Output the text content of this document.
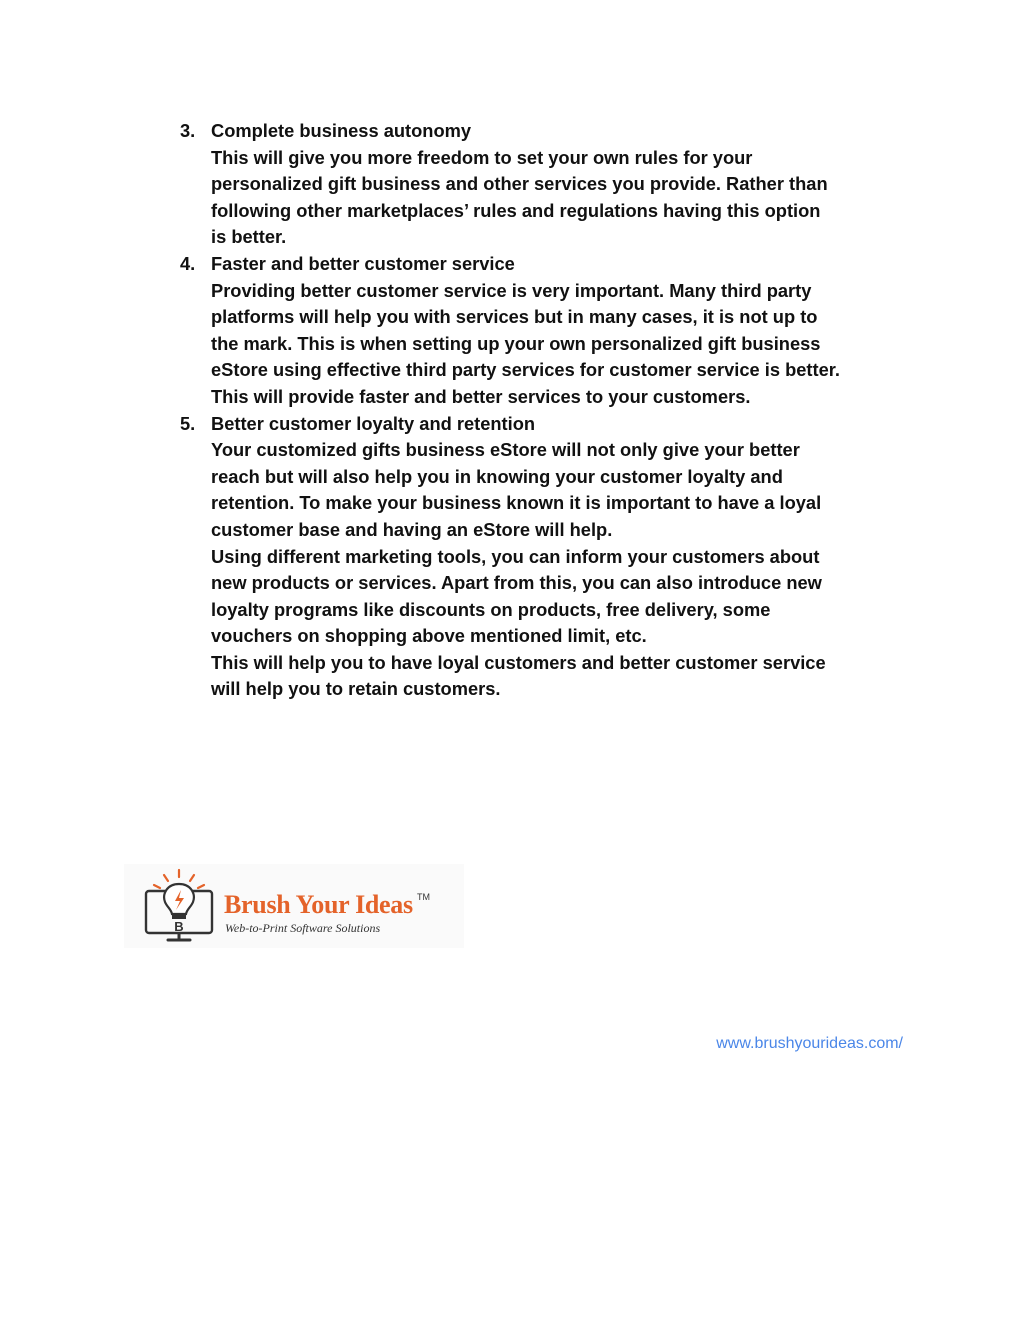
3. Complete business autonomy
This will give you more freedom to set your own rules for your
personalized gift business and other services you provide. Rather than
following other marketplaces’ rules and regulations having this option
is better.
4. Faster and better customer service
Providing better customer service is very important. Many third party
platforms will help you with services but in many cases, it is not up to
the mark. This is when setting up your own personalized gift business
eStore using effective third party services for customer service is better.
This will provide faster and better services to your customers.
5. Better customer loyalty and retention
Your customized gifts business eStore will not only give your better
reach but will also help you in knowing your customer loyalty and
retention. To make your business known it is important to have a loyal
customer base and having an eStore will help.
Using different marketing tools, you can inform your customers about
new products or services. Apart from this, you can also introduce new
loyalty programs like discounts on products, free delivery, some
vouchers on shopping above mentioned limit, etc.
This will help you to have loyal customers and better customer service
will help you to retain customers.
B
Brush Your Ideas TM
Web-to-Print Software Solutions
www.brushyourideas.com/
